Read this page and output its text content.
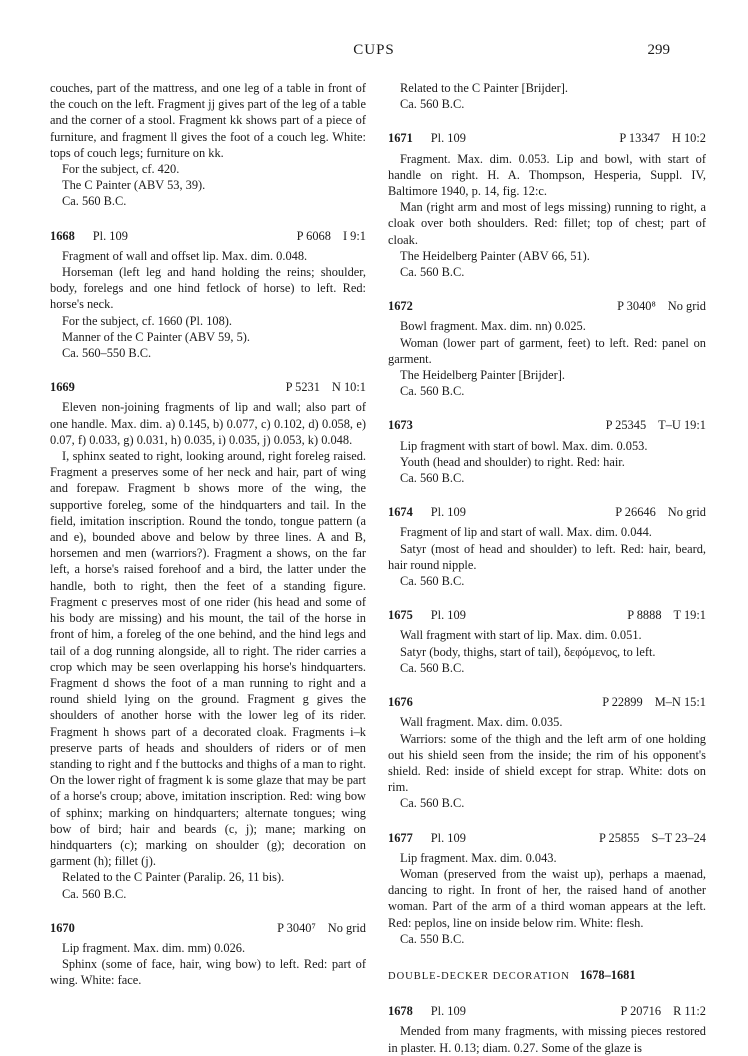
CUPS	299

couches, part of the mattress, and one leg of a table in front of the couch on the left. Fragment jj gives part of the leg of a table and the corner of a stool. Fragment kk shows part of a piece of furniture, and fragment ll gives the foot of a couch leg. White: tops of couch legs; furniture on kk.

For the subject, cf. 420.

The C Painter (ABV 53, 39).

Ca. 560 B.C.

1668 Pl. 109	P 6068 I 9:1

Fragment of wall and offset lip. Max. dim. 0.048.

Horseman (left leg and hand holding the reins; shoulder, body, forelegs and one hind fetlock of horse) to left. Red: horse's neck.

For the subject, cf. 1660 (Pl. 108).

Manner of the C Painter (ABV 59, 5).

Ca. 560–550 B.C.

1669	P 5231 N 10:1

Eleven non-joining fragments of lip and wall; also part of one handle. Max. dim. a) 0.145, b) 0.077, c) 0.102, d) 0.058, e) 0.07, f) 0.033, g) 0.031, h) 0.035, i) 0.035, j) 0.053, k) 0.048.

I, sphinx seated to right, looking around, right foreleg raised. Fragment a preserves some of her neck and hair, part of wing and forepaw. Fragment b shows more of the wing, the supportive foreleg, some of the hindquarters and tail. In the field, imitation inscription. Round the tondo, tongue pattern (a and e), bounded above and below by three lines. A and B, horsemen and men (warriors?). Fragment a shows, on the far left, a horse's raised forehoof and a bird, the latter under the handle, both to right, then the feet of a standing figure. Fragment c preserves most of one rider (his head and some of his body are missing) and his mount, the tail of the horse in front of him, a foreleg of the one behind, and the hind legs and tail of a dog running alongside, all to right. The rider carries a crop which may be seen overlapping his horse's hindquarters. Fragment d shows the foot of a man running to right and a round shield lying on the ground. Fragment g gives the shoulders of another horse with the lower leg of its rider. Fragment h shows part of a decorated cloak. Fragments i–k preserve parts of heads and shoulders of riders or of men standing to right and f the buttocks and thighs of a man to right. On the lower right of fragment k is some glaze that may be part of a horse's croup; above, imitation inscription. Red: wing bow of sphinx; marking on hindquarters; alternate tongues; wing bow of bird; hair and beards (c, j); mane; marking on hindquarters (c); marking on shoulder (g); decoration on garment (h); fillet (j).

Related to the C Painter (Paralip. 26, 11 bis).

Ca. 560 B.C.

1670	P 3040⁷ No grid

Lip fragment. Max. dim. mm) 0.026.

Sphinx (some of face, hair, wing bow) to left. Red: part of wing. White: face.

Related to the C Painter [Brijder].

Ca. 560 B.C.

1671 Pl. 109	P 13347 H 10:2

Fragment. Max. dim. 0.053. Lip and bowl, with start of handle on right. H. A. Thompson, Hesperia, Suppl. IV, Baltimore 1940, p. 14, fig. 12:c.

Man (right arm and most of legs missing) running to right, a cloak over both shoulders. Red: fillet; top of chest; part of cloak.

The Heidelberg Painter (ABV 66, 51).

Ca. 560 B.C.

1672	P 3040⁸ No grid

Bowl fragment. Max. dim. nn) 0.025.

Woman (lower part of garment, feet) to left. Red: panel on garment.

The Heidelberg Painter [Brijder].

Ca. 560 B.C.

1673	P 25345 T–U 19:1

Lip fragment with start of bowl. Max. dim. 0.053.

Youth (head and shoulder) to right. Red: hair.

Ca. 560 B.C.

1674 Pl. 109	P 26646 No grid

Fragment of lip and start of wall. Max. dim. 0.044.

Satyr (most of head and shoulder) to left. Red: hair, beard, hair round nipple.

Ca. 560 B.C.

1675 Pl. 109	P 8888 T 19:1

Wall fragment with start of lip. Max. dim. 0.051.

Satyr (body, thighs, start of tail), δεφόμενος, to left.

Ca. 560 B.C.

1676	P 22899 M–N 15:1

Wall fragment. Max. dim. 0.035.

Warriors: some of the thigh and the left arm of one holding out his shield seen from the inside; the rim of his opponent's shield. Red: inside of shield except for strap. White: dots on rim.

Ca. 560 B.C.

1677 Pl. 109	P 25855 S–T 23–24

Lip fragment. Max. dim. 0.043.

Woman (preserved from the waist up), perhaps a maenad, dancing to right. In front of her, the raised hand of another woman. Part of the arm of a third woman appears at the left. Red: peplos, line on inside below rim. White: flesh.

Ca. 550 B.C.

DOUBLE-DECKER DECORATION 1678–1681
1678 Pl. 109	P 20716 R 11:2

Mended from many fragments, with missing pieces restored in plaster. H. 0.13; diam. 0.27. Some of the glaze is
